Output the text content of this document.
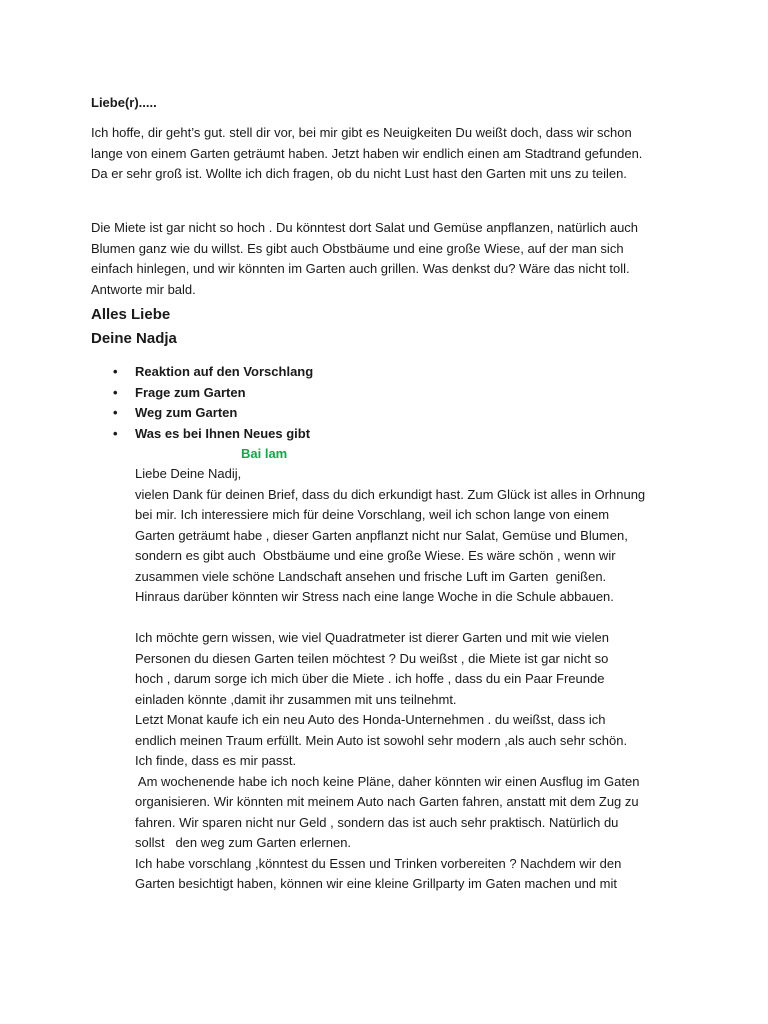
Liebe(r).....

Ich hoffe, dir geht’s gut. stell dir vor, bei mir gibt es Neuigkeiten Du weißt doch, dass wir schon
lange von einem Garten geträumt haben. Jetzt haben wir endlich einen am Stadtrand gefunden.
Da er sehr groß ist. Wollte ich dich fragen, ob du nicht Lust hast den Garten mit uns zu teilen.
Die Miete ist gar nicht so hoch . Du könntest dort Salat und Gemüse anpflanzen, natürlich auch
Blumen ganz wie du willst. Es gibt auch Obstbäume und eine große Wiese, auf der man sich
einfach hinlegen, und wir könnten im Garten auch grillen. Was denkst du? Wäre das nicht toll.
Antworte mir bald.

Alles Liebe

Deine Nadja

• Reaktion auf den Vorschlang
• Frage zum Garten
• Weg zum Garten
• Was es bei Ihnen Neues gibt

Bai lam

Liebe Deine Nadij,
vielen Dank für deinen Brief, dass du dich erkundigt hast. Zum Glück ist alles in Orhnung
bei mir. Ich interessiere mich für deine Vorschlang, weil ich schon lange von einem
Garten geträumt habe , dieser Garten anpflanzt nicht nur Salat, Gemüse und Blumen,
sondern es gibt auch  Obstbäume und eine große Wiese. Es wäre schön , wenn wir
zusammen viele schöne Landschaft ansehen und frische Luft im Garten  genißen.
Hinraus darüber könnten wir Stress nach eine lange Woche in die Schule abbauen.
Ich möchte gern wissen, wie viel Quadratmeter ist dierer Garten und mit wie vielen
Personen du diesen Garten teilen möchtest ? Du weißst , die Miete ist gar nicht so
hoch , darum sorge ich mich über die Miete . ich hoffe , dass du ein Paar Freunde
einladen könnte ,damit ihr zusammen mit uns teilnehmt.
Letzt Monat kaufe ich ein neu Auto des Honda-Unternehmen . du weißst, dass ich
endlich meinen Traum erfüllt. Mein Auto ist sowohl sehr modern ,als auch sehr schön.
Ich finde, dass es mir passt.
Am wochenende habe ich noch keine Pläne, daher könnten wir einen Ausflug im Gaten
organisieren. Wir könnten mit meinem Auto nach Garten fahren, anstatt mit dem Zug zu
fahren. Wir sparen nicht nur Geld , sondern das ist auch sehr praktisch. Natürlich du
sollst   den weg zum Garten erlernen.
Ich habe vorschlang ,könntest du Essen und Trinken vorbereiten ? Nachdem wir den
Garten besichtigt haben, können wir eine kleine Grillparty im Gaten machen und mit
